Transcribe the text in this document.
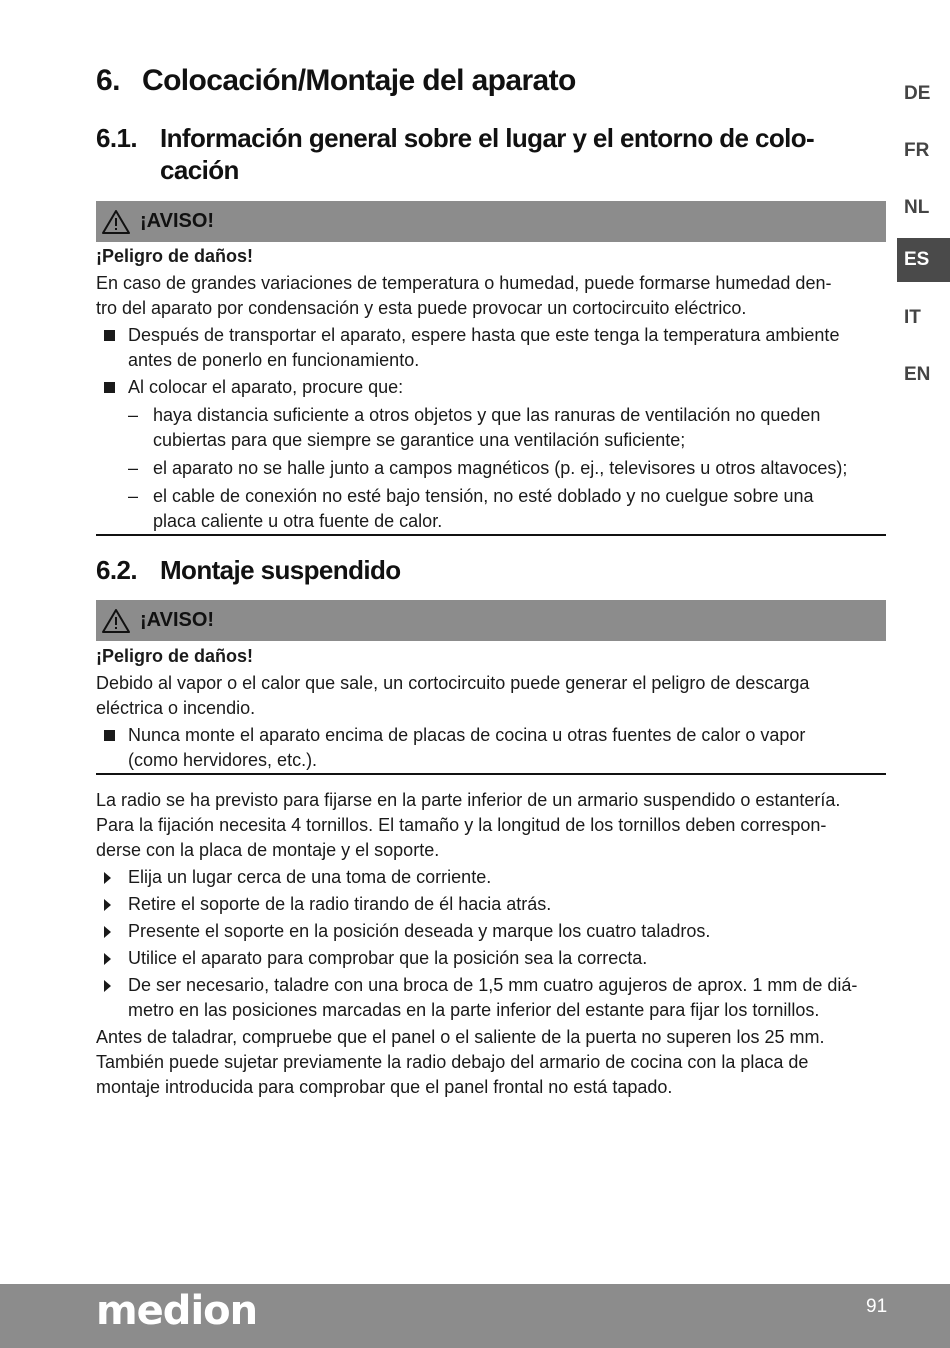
6. Colocación/Montaje del aparato
6.1. Información general sobre el lugar y el entorno de colo-
cación
¡AVISO!

¡Peligro de daños!

En caso de grandes variaciones de temperatura o humedad, puede formarse humedad den-

tro del aparato por condensación y esta puede provocar un cortocircuito eléctrico.

Después de transportar el aparato, espere hasta que este tenga la temperatura ambiente

antes de ponerlo en funcionamiento.

Al colocar el aparato, procure que:

– haya distancia suficiente a otros objetos y que las ranuras de ventilación no queden

cubiertas para que siempre se garantice una ventilación suficiente;

– el aparato no se halle junto a campos magnéticos (p. ej., televisores u otros altavoces);

– el cable de conexión no esté bajo tensión, no esté doblado y no cuelgue sobre una

placa caliente u otra fuente de calor.

6.2. Montaje suspendido
¡AVISO!

¡Peligro de daños!

Debido al vapor o el calor que sale, un cortocircuito puede generar el peligro de descarga

eléctrica o incendio.

Nunca monte el aparato encima de placas de cocina u otras fuentes de calor o vapor

(como hervidores, etc.).

La radio se ha previsto para fijarse en la parte inferior de un armario suspendido o estantería.

Para la fijación necesita 4 tornillos. El tamaño y la longitud de los tornillos deben correspon-

derse con la placa de montaje y el soporte.

Elija un lugar cerca de una toma de corriente.

Retire el soporte de la radio tirando de él hacia atrás.

Presente el soporte en la posición deseada y marque los cuatro taladros.

Utilice el aparato para comprobar que la posición sea la correcta.

De ser necesario, taladre con una broca de 1,5 mm cuatro agujeros de aprox. 1 mm de diá-

metro en las posiciones marcadas en la parte inferior del estante para fijar los tornillos.

Antes de taladrar, compruebe que el panel o el saliente de la puerta no superen los 25 mm.

También puede sujetar previamente la radio debajo del armario de cocina con la placa de

montaje introducida para comprobar que el panel frontal no está tapado.

DE
FR
NL
ES
IT
EN
medion	91
